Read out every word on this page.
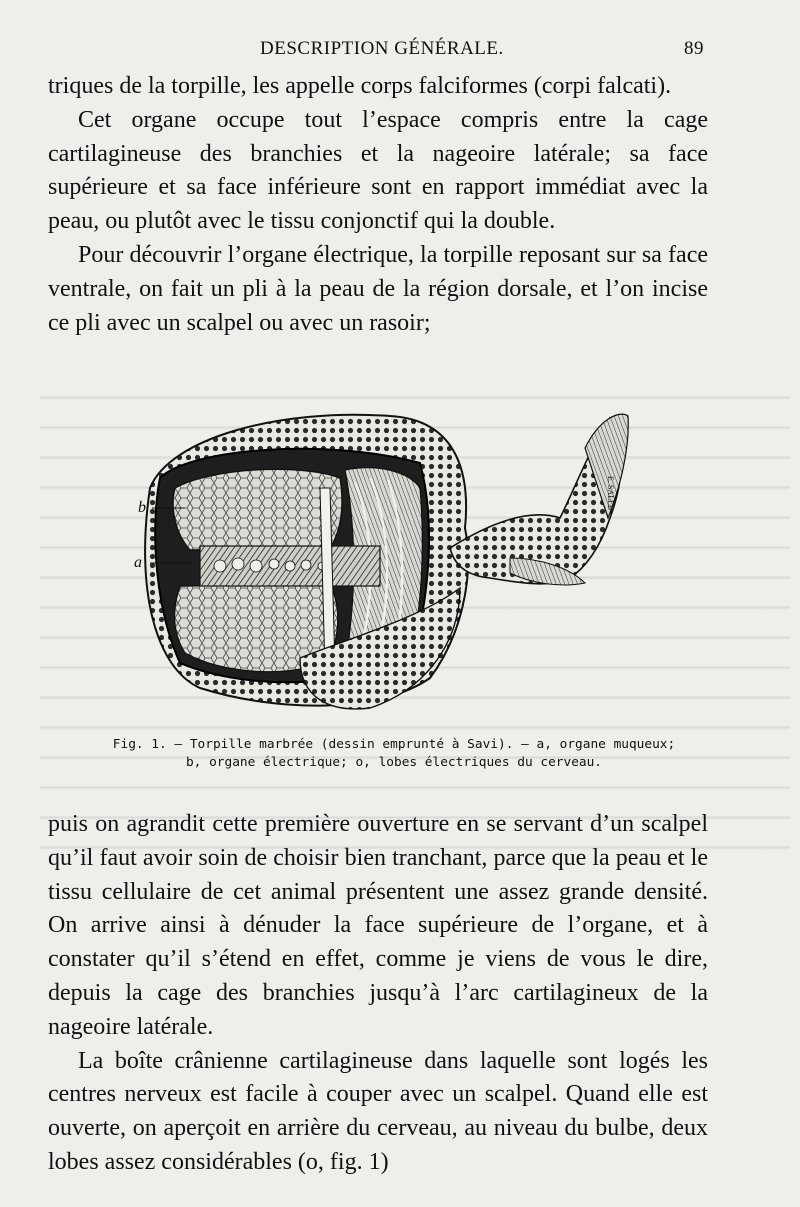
DESCRIPTION GÉNÉRALE.	89

triques de la torpille, les appelle corps falciformes (corpi falcati).

Cet organe occupe tout l’espace compris entre la cage cartilagineuse des branchies et la nageoire latérale; sa face supérieure et sa face inférieure sont en rapport immédiat avec la peau, ou plutôt avec le tissu conjonctif qui la double.

Pour découvrir l’organe électrique, la torpille reposant sur sa face ventrale, on fait un pli à la peau de la région dorsale, et l’on incise ce pli avec un scalpel ou avec un rasoir;

b
a
E. SALLE
Fig. 1. — Torpille marbrée (dessin emprunté à Savi). — a, organe muqueux;
b, organe électrique; o, lobes électriques du cerveau.

puis on agrandit cette première ouverture en se servant d’un scalpel qu’il faut avoir soin de choisir bien tranchant, parce que la peau et le tissu cellulaire de cet animal présentent une assez grande densité. On arrive ainsi à dénuder la face supérieure de l’organe, et à constater qu’il s’étend en effet, comme je viens de vous le dire, depuis la cage des branchies jusqu’à l’arc cartilagineux de la nageoire latérale.

La boîte crânienne cartilagineuse dans laquelle sont logés les centres nerveux est facile à couper avec un scalpel. Quand elle est ouverte, on aperçoit en arrière du cerveau, au niveau du bulbe, deux lobes assez considérables (o, fig. 1)
